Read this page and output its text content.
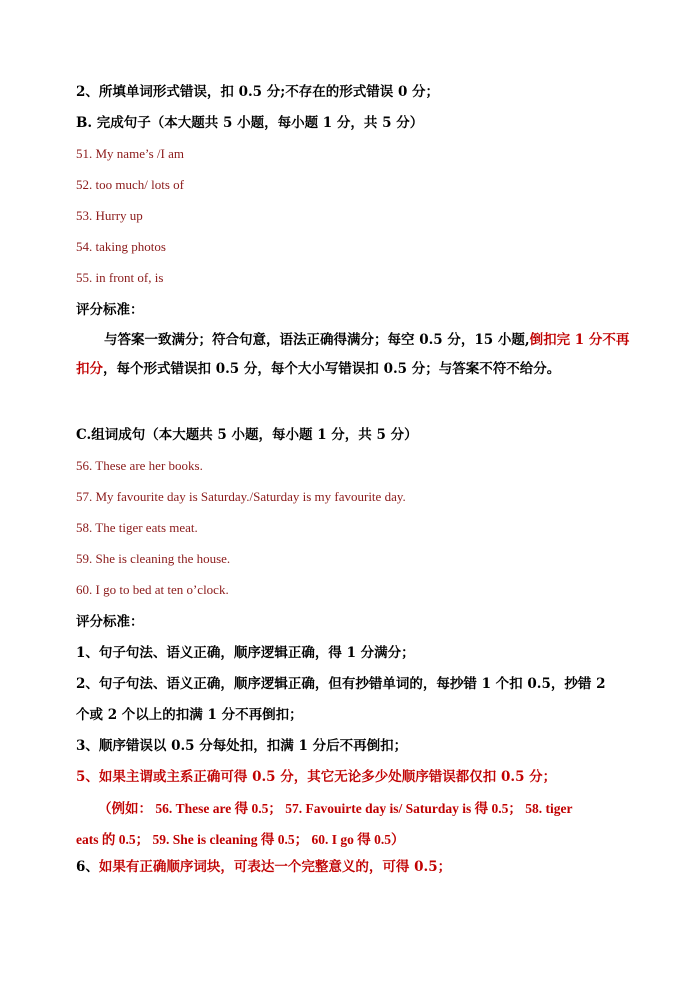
2、所填单词形式错误，扣 0.5 分;不存在的形式错误 0 分；
B. 完成句子（本大题共 5 小题，每小题 1 分，共 5 分）
51. My name’s /I am
52. too much/ lots of
53. Hurry up
54. taking photos
55. in front of, is
评分标准：
与答案一致满分；符合句意，语法正确得满分；每空 0.5 分，15 小题,倒扣完 1 分不再扣分，每个形式错误扣 0.5 分，每个大小写错误扣 0.5 分；与答案不符不给分。
C.组词成句（本大题共 5 小题，每小题 1 分，共 5 分）
56. These are her books.
57. My favourite day is Saturday./Saturday is my favourite day.
58. The tiger eats meat.
59. She is cleaning the house.
60. I go to bed at ten o’clock.
评分标准：
1、句子句法、语义正确，顺序逻辑正确，得 1 分满分；
2、句子句法、语义正确，顺序逻辑正确，但有抄错单词的，每抄错 1 个扣 0.5，抄错 2
个或 2 个以上的扣满 1 分不再倒扣；
3、顺序错误以 0.5 分每处扣，扣满 1 分后不再倒扣；
5、如果主谓或主系正确可得 0.5 分，其它无论多少处顺序错误都仅扣 0.5 分；
（例如： 56. These are 得 0.5； 57. Favouirte day is/ Saturday is 得 0.5； 58. tiger
eats 的 0.5； 59. She is cleaning 得 0.5； 60. I go 得 0.5）
6、如果有正确顺序词块，可表达一个完整意义的，可得 0.5；
